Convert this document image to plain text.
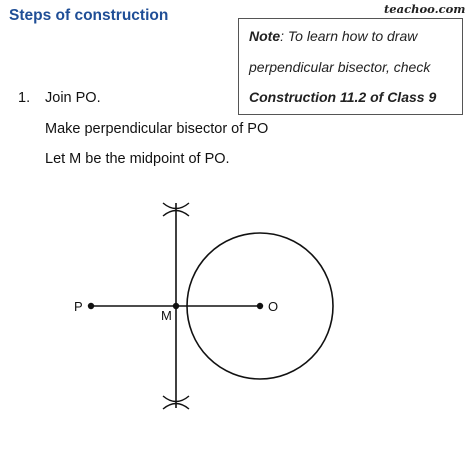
Steps of construction	teachoo.com
Note: To learn how to draw
perpendicular bisector, check
Construction 11.2 of Class 9
1. Join PO.
Make perpendicular bisector of PO
Let M be the midpoint of PO.
P	O
M
